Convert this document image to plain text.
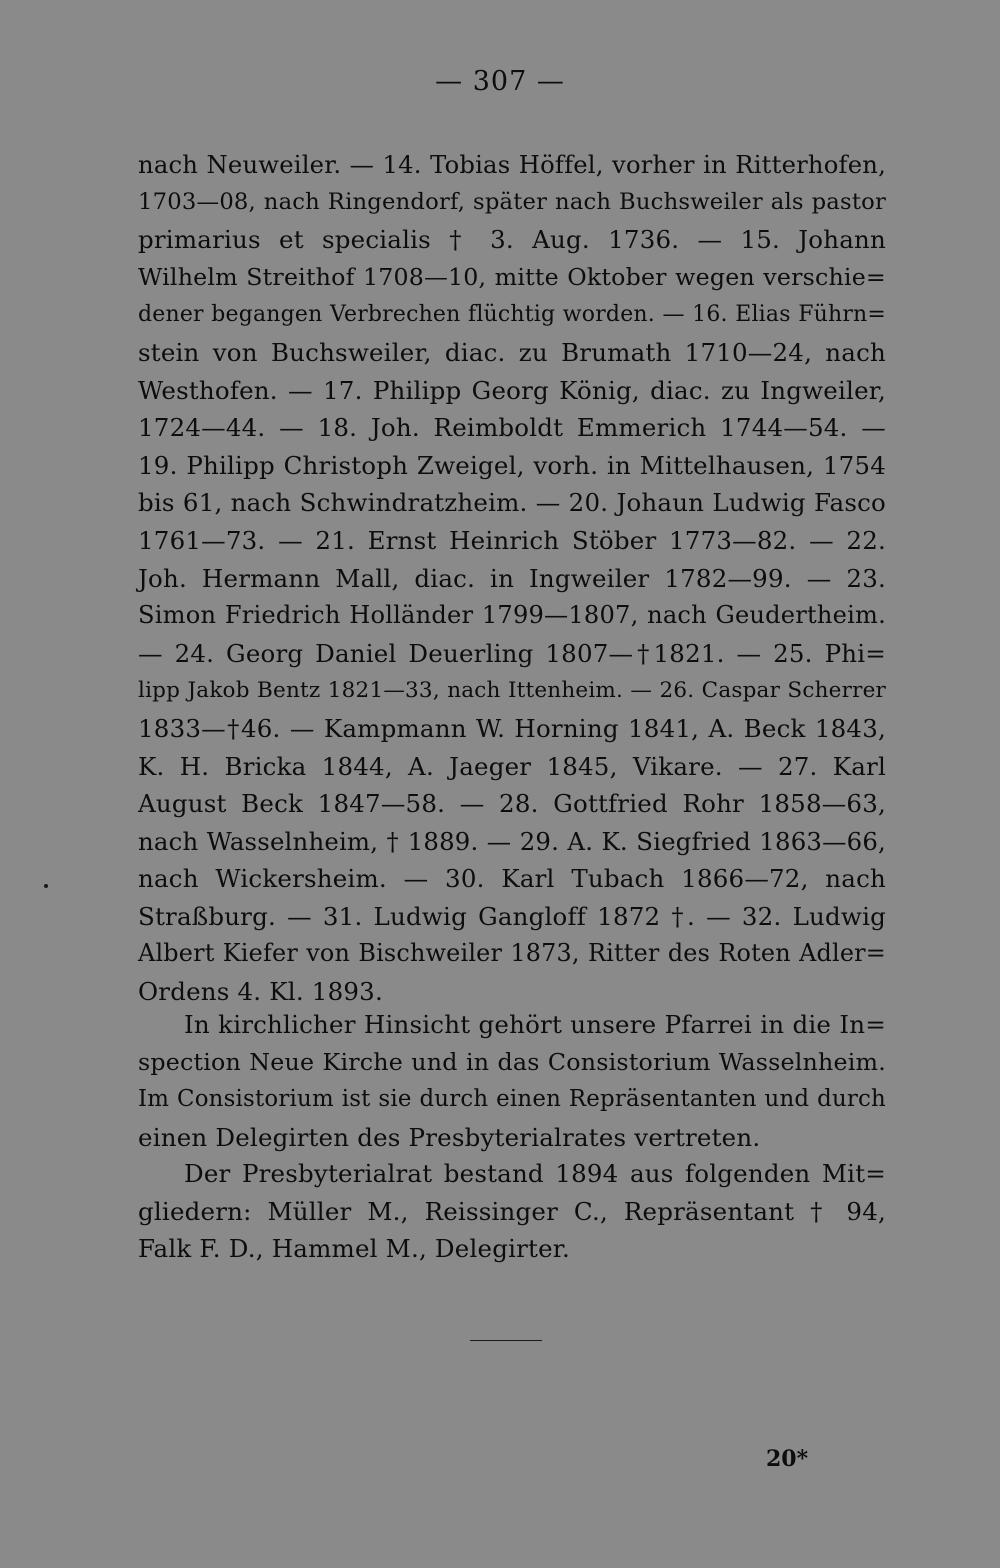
— 307 —
nach Neuweiler. — 14. Tobias Höffel, vorher in Ritterhofen,
1703—08, nach Ringendorf, später nach Buchsweiler als pastor
primarius et specialis † 3. Aug. 1736. — 15. Johann
Wilhelm Streithof 1708—10, mitte Oktober wegen verschie=
dener begangen Verbrechen flüchtig worden. — 16. Elias Führn=
stein von Buchsweiler, diac. zu Brumath 1710—24, nach
Westhofen. — 17. Philipp Georg König, diac. zu Ingweiler,
1724—44. — 18. Joh. Reimboldt Emmerich 1744—54. —
19. Philipp Christoph Zweigel, vorh. in Mittelhausen, 1754
bis 61, nach Schwindratzheim. — 20. Johaun Ludwig Fasco
1761—73. — 21. Ernst Heinrich Stöber 1773—82. — 22.
Joh. Hermann Mall, diac. in Ingweiler 1782—99. — 23.
Simon Friedrich Holländer 1799—1807, nach Geudertheim.
— 24. Georg Daniel Deuerling 1807—†1821. — 25. Phi=
lipp Jakob Bentz 1821—33, nach Ittenheim. — 26. Caspar Scherrer
1833—†46. — Kampmann W. Horning 1841, A. Beck 1843,
K. H. Bricka 1844, A. Jaeger 1845, Vikare. — 27. Karl
August Beck 1847—58. — 28. Gottfried Rohr 1858—63,
nach Wasselnheim, † 1889. — 29. A. K. Siegfried 1863—66,
nach Wickersheim. — 30. Karl Tubach 1866—72, nach
Straßburg. — 31. Ludwig Gangloff 1872 †. — 32. Ludwig
Albert Kiefer von Bischweiler 1873, Ritter des Roten Adler=
Ordens 4. Kl. 1893.
In kirchlicher Hinsicht gehört unsere Pfarrei in die In=
spection Neue Kirche und in das Consistorium Wasselnheim.
Im Consistorium ist sie durch einen Repräsentanten und durch
einen Delegirten des Presbyterialrates vertreten.
Der Presbyterialrat bestand 1894 aus folgenden Mit=
gliedern: Müller M., Reissinger C., Repräsentant † 94,
Falk F. D., Hammel M., Delegirter.
20*
